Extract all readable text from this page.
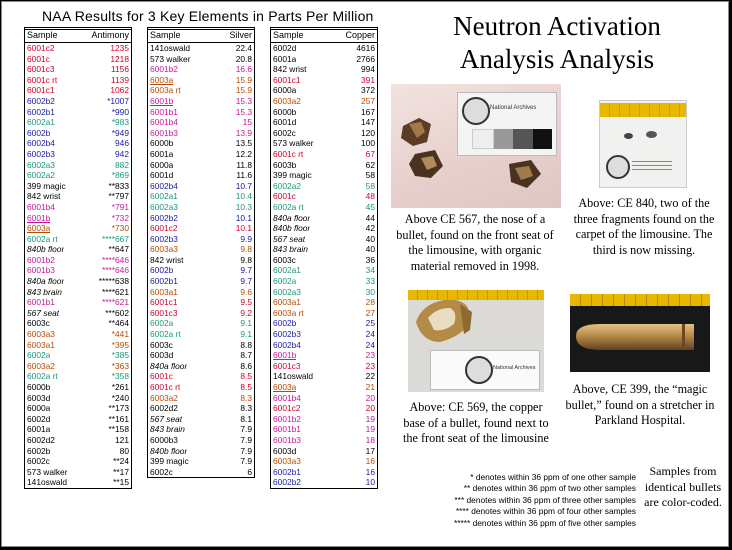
NAA Results for 3 Key Elements in Parts Per Million
Sample	Antimony
6001c2	1235
6001c	1218
6001c3	1156
6001c rt	1139
6001c1	1062
6002b2	*1007
6002b1	*990
6002a1	*983
6002b	*949
6002b4	946
6002b3	942
6002a3	882
6002a2	*869
399 magic	**833
842 wrist	**797
6001b4	*791
6001b	*732
6003a	*730
6002a rt	****667
840b floor	**647
6001b2	****646
6001b3	****646
840a floor	*****638
843 brain	****621
6001b1	****621
567 seat	***602
6003c	**464
6003a3	*441
6003a1	*395
6002a	*385
6003a2	*363
6002a rt	*358
6000b	*261
6003d	*240
6000a	**173
6002d	**161
6001a	**158
6002d2	121
6002b	80
6002c	**24
573 walker	**17
141oswald	**15
Sample	Silver
141oswald	22.4
573 walker	20.8
6001b2	16.6
6003a	15.9
6003a rt	15.9
6001b	15.3
6001b1	15.3
6001b4	15
6001b3	13.9
6000b	13.5
6001a	12.2
6000a	11.8
6001d	11.6
6002b4	10.7
6002a1	10.4
6002a3	10.3
6002b2	10.1
6001c2	10.1
6002b3	9.9
6003a3	9.8
842 wrist	9.8
6002b	9.7
6002b1	9.7
6003a1	9.6
6001c1	9.5
6001c3	9.2
6002a	9.1
6002a rt	9.1
6003c	8.8
6003d	8.7
840a floor	8.6
6001c	8.5
6001c rt	8.5
6003a2	8.3
6002d2	8.3
567 seat	8.1
843 brain	7.9
6000b3	7.9
840b floor	7.9
399 magic	7.9
6002c	6
Sample	Copper
6002d	4616
6001a	2766
842 wrist	994
6001c1	391
6000a	372
6003a2	257
6000b	167
6001d	147
6002c	120
573 walker	100
6001c rt	67
6003b	62
399 magic	58
6002a2	58
6001c	48
6002a rt	45
840a floor	44
840b floor	42
567 seat	40
843 brain	40
6003c	36
6002a1	34
6002a	33
6002a3	30
6003a1	28
6003a rt	27
6002b	25
6002b3	24
6002b4	24
6001b	23
6001c3	23
141oswald	22
6003a	21
6001b4	20
6001c2	20
6001b2	19
6001b1	19
6001b3	18
6003d	17
6003a3	16
6002b1	16
6002b2	10
Neutron Activation
Analysis Analysis
National Archives
Above CE 567, the nose of a bullet, found on the front seat of the limousine, with organic material removed in 1998.
Above: CE 840, two of the three fragments found on the carpet of the limousine. The third is now missing.
National Archives
Above: CE 569, the copper base of a bullet, found next to the front seat of the limousine
Above, CE 399, the “magic bullet,” found on a stretcher in Parkland Hospital.
* denotes within 36 ppm of one other sample
** denotes within 36 ppm of two other samples
*** denotes within 36 ppm of three other samples
**** denotes within 36 ppm of four other samples
***** denotes within 36 ppm of five other samples
Samples from identical bullets are color-coded.
